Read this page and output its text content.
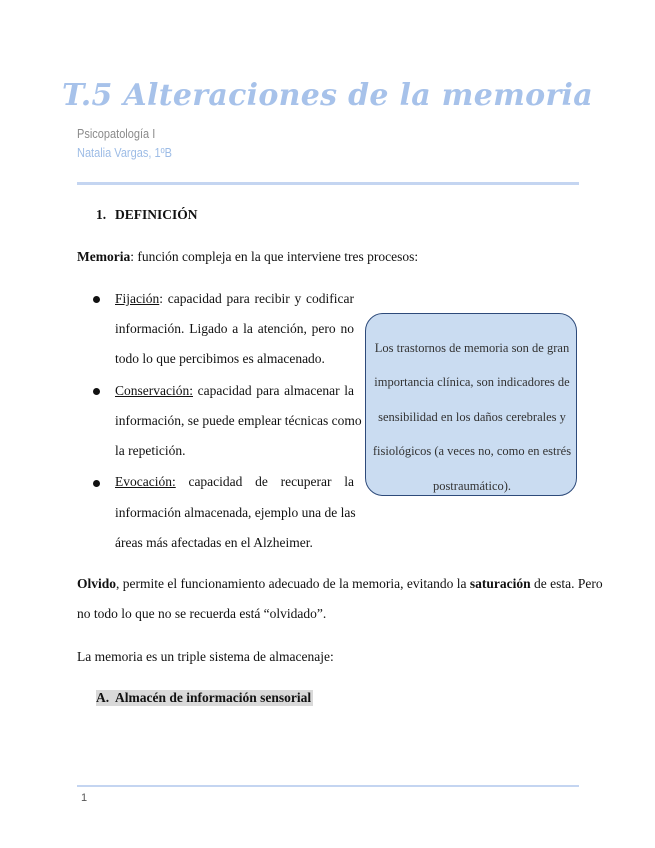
T.5 Alteraciones de la memoria
Psicopatología I
Natalia Vargas, 1ºB
1. DEFINICIÓN
Memoria: función compleja en la que interviene tres procesos:
Fijación: capacidad para recibir y codificar
información. Ligado a la atención, pero no
todo lo que percibimos es almacenado.
Conservación: capacidad para almacenar la
información, se puede emplear técnicas como
la repetición.
Evocación: capacidad de recuperar la
información almacenada, ejemplo una de las
áreas más afectadas en el Alzheimer.
Los trastornos de memoria son de gran
importancia clínica, son indicadores de
sensibilidad en los daños cerebrales y
fisiológicos (a veces no, como en estrés
postraumático).
Olvido, permite el funcionamiento adecuado de la memoria, evitando la saturación de esta. Pero
no todo lo que no se recuerda está “olvidado”.
La memoria es un triple sistema de almacenaje:
A. Almacén de información sensorial
1
